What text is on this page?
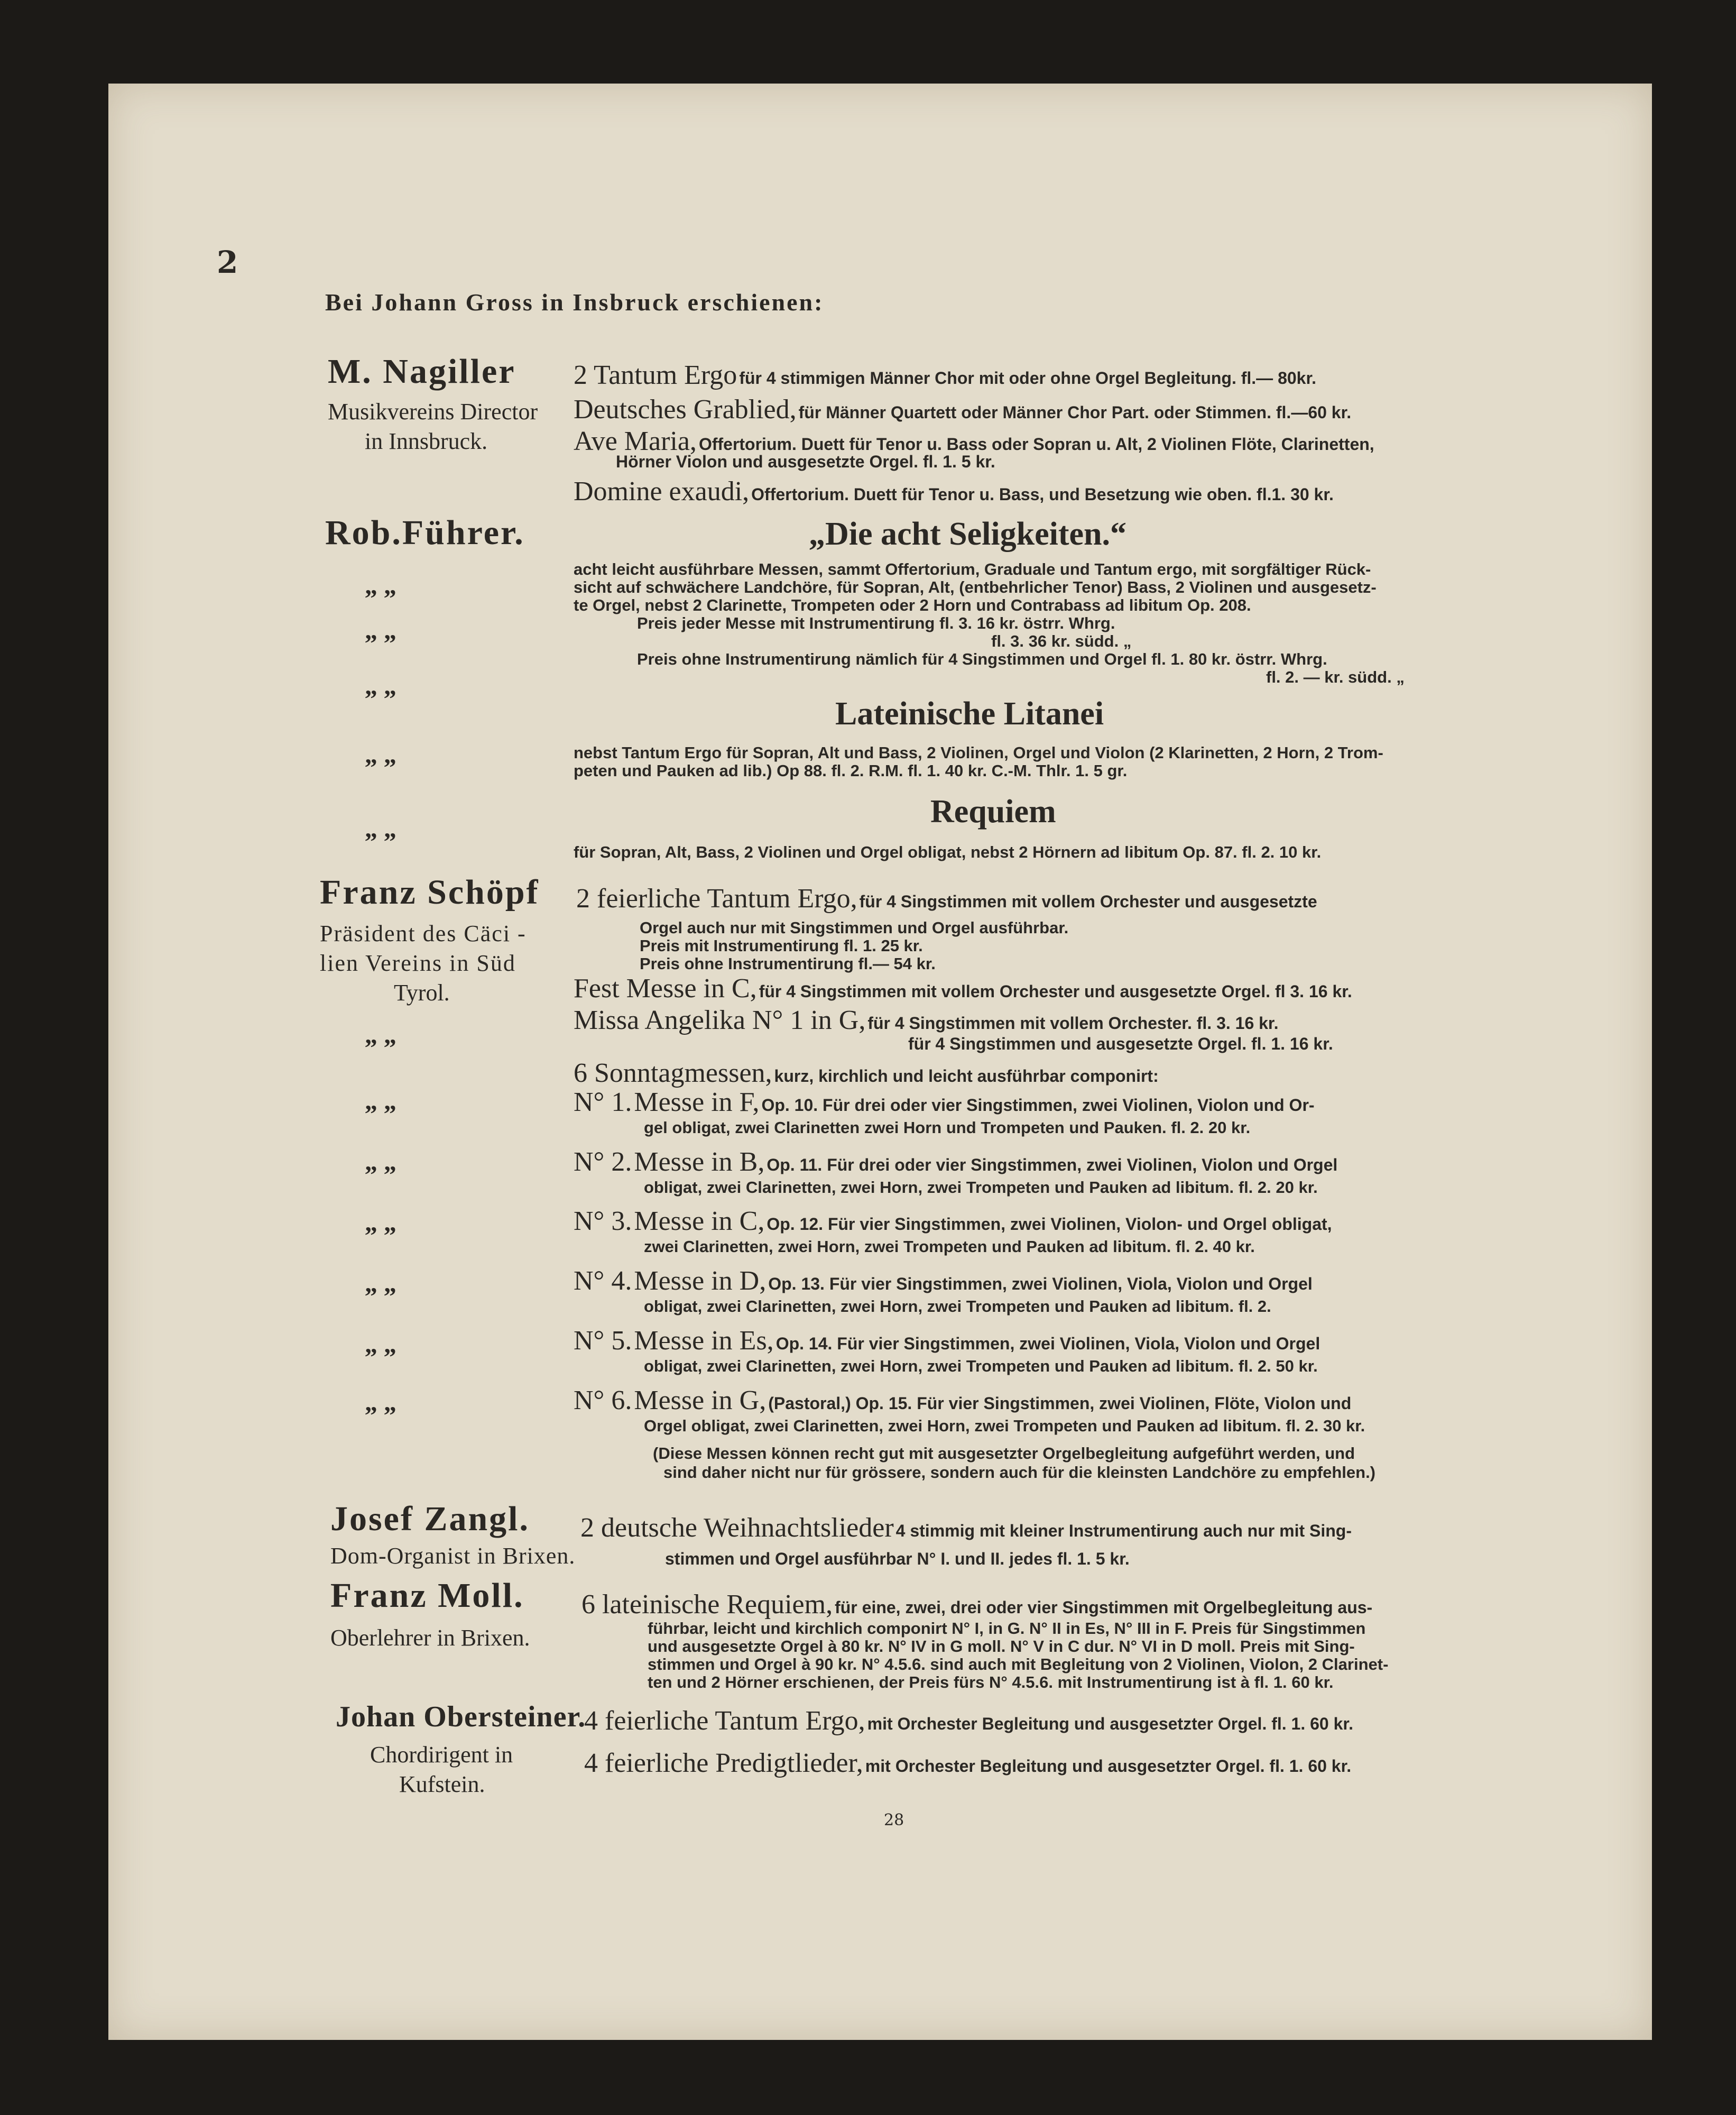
2
Bei Johann Gross in Insbruck erschienen:
M. Nagiller
Musikvereins Director
in Innsbruck.
2 Tantum Ergo für 4 stimmigen Männer Chor mit oder ohne Orgel Begleitung. fl.— 80kr.
Deutsches Grablied, für Männer Quartett oder Männer Chor Part. oder Stimmen. fl.—60 kr.
Ave Maria, Offertorium. Duett für Tenor u. Bass oder Sopran u. Alt, 2 Violinen Flöte, Clarinetten,
Hörner Violon und ausgesetzte Orgel. fl. 1. 5 kr.
Domine exaudi, Offertorium. Duett für Tenor u. Bass, und Besetzung wie oben. fl.1. 30 kr.
Rob.Führer.
„ „
„ „
„ „
„ „
„ „
„Die acht Seligkeiten.“
acht leicht ausführbare Messen, sammt Offertorium, Graduale und Tantum ergo, mit sorgfältiger Rück-
sicht auf schwächere Landchöre, für Sopran, Alt, (entbehrlicher Tenor) Bass, 2 Violinen und ausgesetz-
te Orgel, nebst 2 Clarinette, Trompeten oder 2 Horn und Contrabass ad libitum Op. 208.
Preis jeder Messe mit Instrumentirung fl. 3. 16 kr. östrr. Whrg.
fl. 3. 36 kr. südd. „
Preis ohne Instrumentirung nämlich für 4 Singstimmen und Orgel fl. 1. 80 kr. östrr. Whrg.
fl. 2. — kr. südd. „
Lateinische Litanei
nebst Tantum Ergo für Sopran, Alt und Bass, 2 Violinen, Orgel und Violon (2 Klarinetten, 2 Horn, 2 Trom-
peten und Pauken ad lib.) Op 88. fl. 2. R.M. fl. 1. 40 kr. C.-M. Thlr. 1. 5 gr.
Requiem
für Sopran, Alt, Bass, 2 Violinen und Orgel obligat, nebst 2 Hörnern ad libitum Op. 87. fl. 2. 10 kr.
Franz Schöpf
Präsident des Cäci -
lien Vereins in Süd
Tyrol.
„ „
„ „
„ „
„ „
„ „
„ „
„ „
2 feierliche Tantum Ergo, für 4 Singstimmen mit vollem Orchester und ausgesetzte
Orgel auch nur mit Singstimmen und Orgel ausführbar.
Preis mit Instrumentirung fl. 1. 25 kr.
Preis ohne Instrumentirung fl.— 54 kr.
Fest Messe in C, für 4 Singstimmen mit vollem Orchester und ausgesetzte Orgel. fl 3. 16 kr.
Missa Angelika N° 1 in G, für 4 Singstimmen mit vollem Orchester. fl. 3. 16 kr.
für 4 Singstimmen und ausgesetzte Orgel. fl. 1. 16 kr.
6 Sonntagmessen, kurz, kirchlich und leicht ausführbar componirt:
N° 1. Messe in F, Op. 10. Für drei oder vier Singstimmen, zwei Violinen, Violon und Or-
gel obligat, zwei Clarinetten zwei Horn und Trompeten und Pauken. fl. 2. 20 kr.
N° 2. Messe in B, Op. 11. Für drei oder vier Singstimmen, zwei Violinen, Violon und Orgel
obligat, zwei Clarinetten, zwei Horn, zwei Trompeten und Pauken ad libitum. fl. 2. 20 kr.
N° 3. Messe in C, Op. 12. Für vier Singstimmen, zwei Violinen, Violon- und Orgel obligat,
zwei Clarinetten, zwei Horn, zwei Trompeten und Pauken ad libitum. fl. 2. 40 kr.
N° 4. Messe in D, Op. 13. Für vier Singstimmen, zwei Violinen, Viola, Violon und Orgel
obligat, zwei Clarinetten, zwei Horn, zwei Trompeten und Pauken ad libitum. fl. 2.
N° 5. Messe in Es, Op. 14. Für vier Singstimmen, zwei Violinen, Viola, Violon und Orgel
obligat, zwei Clarinetten, zwei Horn, zwei Trompeten und Pauken ad libitum. fl. 2. 50 kr.
N° 6. Messe in G, (Pastoral,) Op. 15. Für vier Singstimmen, zwei Violinen, Flöte, Violon und
Orgel obligat, zwei Clarinetten, zwei Horn, zwei Trompeten und Pauken ad libitum. fl. 2. 30 kr.
(Diese Messen können recht gut mit ausgesetzter Orgelbegleitung aufgeführt werden, und
sind daher nicht nur für grössere, sondern auch für die kleinsten Landchöre zu empfehlen.)
Josef Zangl.
Dom-Organist in Brixen.
2 deutsche Weihnachtslieder 4 stimmig mit kleiner Instrumentirung auch nur mit Sing-
stimmen und Orgel ausführbar N° I. und II. jedes fl. 1. 5 kr.
Franz Moll.
Oberlehrer in Brixen.
6 lateinische Requiem, für eine, zwei, drei oder vier Singstimmen mit Orgelbegleitung aus-
führbar, leicht und kirchlich componirt N° I, in G. N° II in Es, N° III in F. Preis für Singstimmen
und ausgesetzte Orgel à 80 kr. N° IV in G moll. N° V in C dur. N° VI in D moll. Preis mit Sing-
stimmen und Orgel à 90 kr. N° 4.5.6. sind auch mit Begleitung von 2 Violinen, Violon, 2 Clarinet-
ten und 2 Hörner erschienen, der Preis fürs N° 4.5.6. mit Instrumentirung ist à fl. 1. 60 kr.
Johan Obersteiner.
Chordirigent in
Kufstein.
4 feierliche Tantum Ergo, mit Orchester Begleitung und ausgesetzter Orgel. fl. 1. 60 kr.
4 feierliche Predigtlieder, mit Orchester Begleitung und ausgesetzter Orgel. fl. 1. 60 kr.
28
